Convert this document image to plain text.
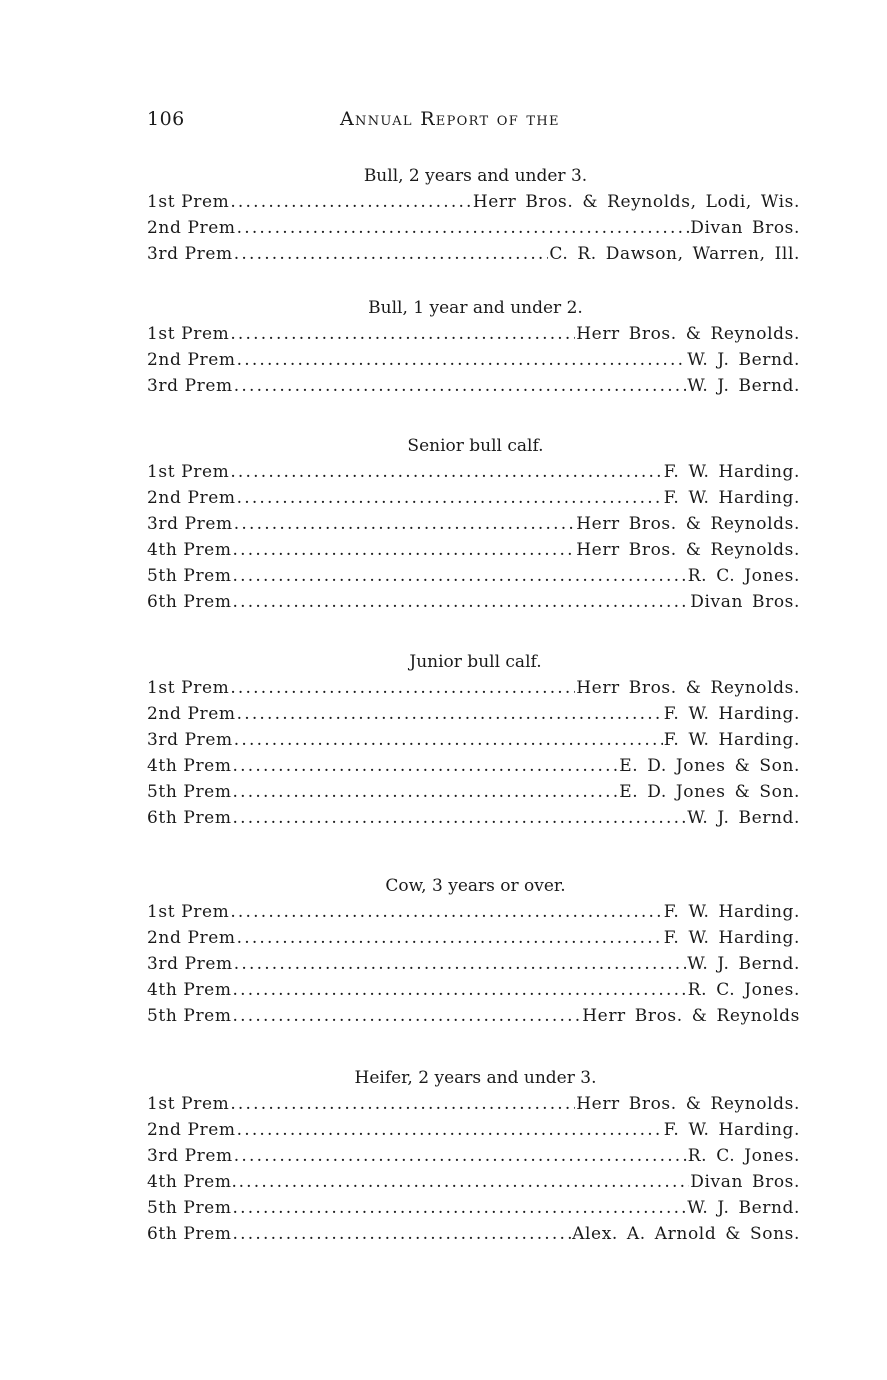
106	Annual Report of the
Bull, 2 years and under 3.
1st Prem .....	Herr Bros. & Reynolds, Lodi, Wis.
2nd Prem .....	Divan Bros.
3rd Prem .....	C. R. Dawson, Warren, Ill.
Bull, 1 year and under 2.
1st Prem .....	Herr Bros. & Reynolds.
2nd Prem .....	W. J. Bernd.
3rd Prem .....	W. J. Bernd.
Senior bull calf.
1st Prem .....	F. W. Harding.
2nd Prem .....	F. W. Harding.
3rd Prem .....	Herr Bros. & Reynolds.
4th Prem .....	Herr Bros. & Reynolds.
5th Prem .....	R. C. Jones.
6th Prem .....	Divan Bros.
Junior bull calf.
1st Prem .....	Herr Bros. & Reynolds.
2nd Prem .....	F. W. Harding.
3rd Prem .....	F. W. Harding.
4th Prem .....	E. D. Jones & Son.
5th Prem .....	E. D. Jones & Son.
6th Prem .....	W. J. Bernd.
Cow, 3 years or over.
1st Prem .....	F. W. Harding.
2nd Prem .....	F. W. Harding.
3rd Prem .....	W. J. Bernd.
4th Prem .....	R. C. Jones.
5th Prem .....	Herr Bros. & Reynolds
Heifer, 2 years and under 3.
1st Prem .....	Herr Bros. & Reynolds.
2nd Prem .....	F. W. Harding.
3rd Prem .....	R. C. Jones.
4th Prem. .....	Divan Bros.
5th Prem .....	W. J. Bernd.
6th Prem .....	Alex. A. Arnold & Sons.
